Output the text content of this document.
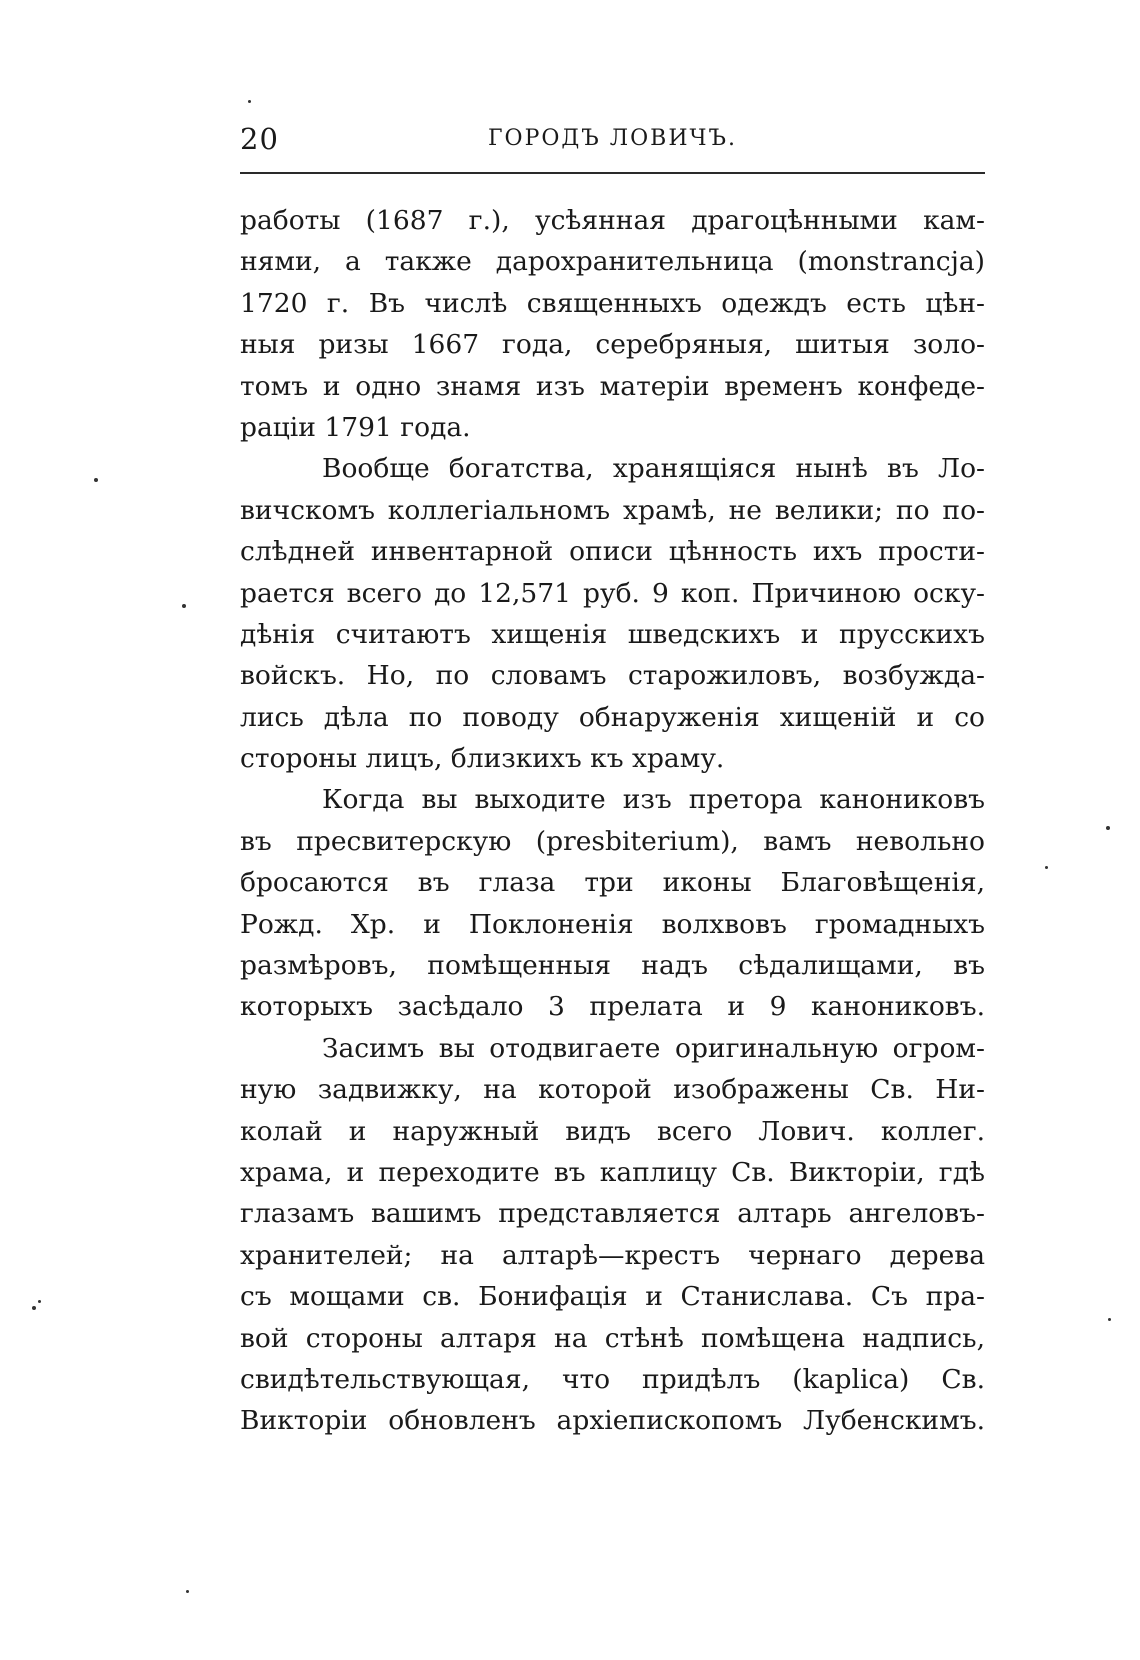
20	ГОРОДЪ ЛОВИЧЪ.
работы (1687 г.), усѣянная драгоцѣнными кам-
нями, а также дарохранительница (monstrancja)
1720 г. Въ числѣ священныхъ одеждъ есть цѣн-
ныя ризы 1667 года, серебряныя, шитыя золо-
томъ и одно знамя изъ матеріи временъ конфеде-
раціи 1791 года.
Вообще богатства, хранящіяся нынѣ въ Ло-
вичскомъ коллегіальномъ храмѣ, не велики; по по-
слѣдней инвентарной описи цѣнность ихъ прости-
рается всего до 12,571 руб. 9 коп. Причиною оску-
дѣнія считаютъ хищенія шведскихъ и прусскихъ
войскъ. Но, по словамъ старожиловъ, возбуждa-
лись дѣла по поводу обнаруженія хищеній и со
стороны лицъ, близкихъ къ храму.
Когда вы выходите изъ претора канониковъ
въ пресвитерскую (presbiterium), вамъ невольно
бросаются въ глаза три иконы Благовѣщенія,
Рожд. Хр. и Поклоненія волхвовъ громадныхъ
размѣровъ, помѣщенныя надъ сѣдалищами, въ
которыхъ засѣдало 3 прелата и 9 канониковъ.
Засимъ вы отодвигаете оригинальную огром-
ную задвижку, на которой изображены Св. Ни-
колай и наружный видъ всего Лович. коллег.
храма, и переходите въ каплицу Св. Викторіи, гдѣ
глазамъ вашимъ представляется алтарь ангеловъ-
хранителей; на алтарѣ—крестъ чернаго дерева
съ мощами св. Бонифація и Станислава. Съ пра-
вой стороны алтаря на стѣнѣ помѣщена надпись,
свидѣтельствующая, что придѣлъ (kaplica) Св.
Викторіи обновленъ архіепископомъ Лубенскимъ.
